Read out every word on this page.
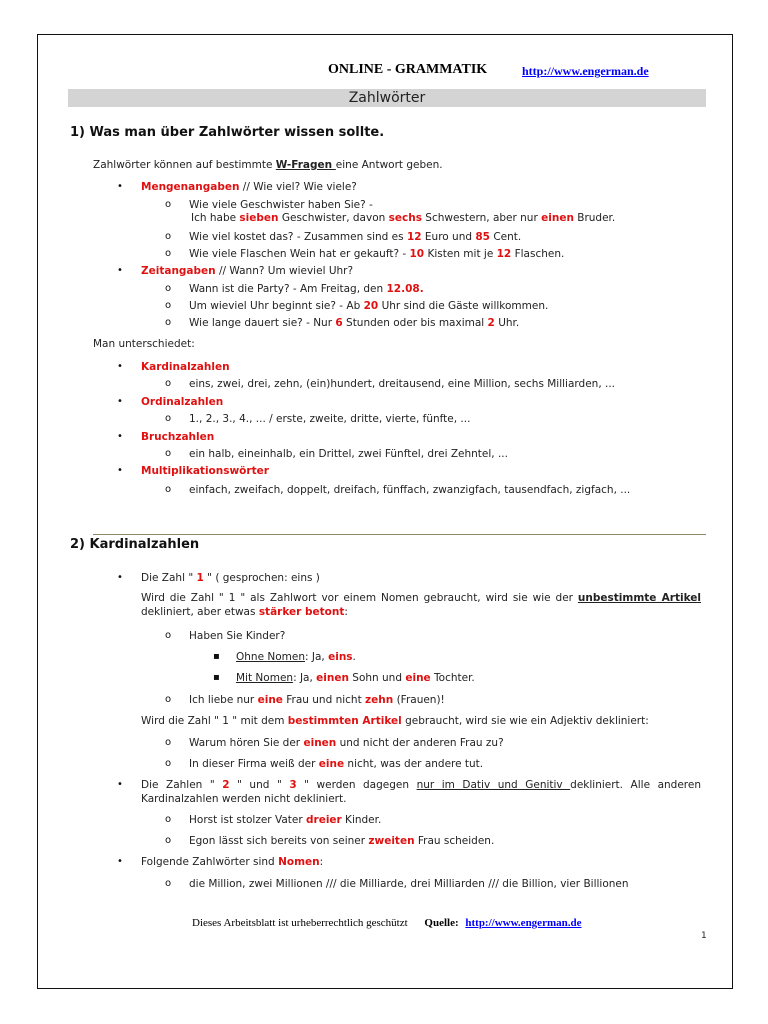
ONLINE - GRAMMATIK	http://www.engerman.de
Zahlwörter
1) Was man über Zahlwörter wissen sollte.
Zahlwörter können auf bestimmte W-Fragen eine Antwort geben.
• Mengenangaben // Wie viel? Wie viele?
o Wie viele Geschwister haben Sie? -
Ich habe sieben Geschwister, davon sechs Schwestern, aber nur einen Bruder.
o Wie viel kostet das? - Zusammen sind es 12 Euro und 85 Cent.
o Wie viele Flaschen Wein hat er gekauft? - 10 Kisten mit je 12 Flaschen.
• Zeitangaben // Wann? Um wieviel Uhr?
o Wann ist die Party? - Am Freitag, den 12.08.
o Um wieviel Uhr beginnt sie? - Ab 20 Uhr sind die Gäste willkommen.
o Wie lange dauert sie? - Nur 6 Stunden oder bis maximal 2 Uhr.
Man unterschiedet:
• Kardinalzahlen
o eins, zwei, drei, zehn, (ein)hundert, dreitausend, eine Million, sechs Milliarden, ...
• Ordinalzahlen
o 1., 2., 3., 4., ... / erste, zweite, dritte, vierte, fünfte, ...
• Bruchzahlen
o ein halb, eineinhalb, ein Drittel, zwei Fünftel, drei Zehntel, ...
• Multiplikationswörter
o einfach, zweifach, doppelt, dreifach, fünffach, zwanzigfach, tausendfach, zigfach, ...
2) Kardinalzahlen
• Die Zahl " 1 " ( gesprochen: eins )
Wird die Zahl " 1 " als Zahlwort vor einem Nomen gebraucht, wird sie wie der unbestimmte Artikel dekliniert, aber etwas stärker betont:
o Haben Sie Kinder?
▪ Ohne Nomen: Ja, eins.
▪ Mit Nomen: Ja, einen Sohn und eine Tochter.
o Ich liebe nur eine Frau und nicht zehn (Frauen)!
Wird die Zahl " 1 " mit dem bestimmten Artikel gebraucht, wird sie wie ein Adjektiv dekliniert:
o Warum hören Sie der einen und nicht der anderen Frau zu?
o In dieser Firma weiß der eine nicht, was der andere tut.
• Die Zahlen " 2 " und " 3 " werden dagegen nur im Dativ und Genitiv dekliniert. Alle anderen Kardinalzahlen werden nicht dekliniert.
o Horst ist stolzer Vater dreier Kinder.
o Egon lässt sich bereits von seiner zweiten Frau scheiden.
• Folgende Zahlwörter sind Nomen:
o die Million, zwei Millionen /// die Milliarde, drei Milliarden /// die Billion, vier Billionen
Dieses Arbeitsblatt ist urheberrechtlich geschützt Quelle: http://www.engerman.de
1
